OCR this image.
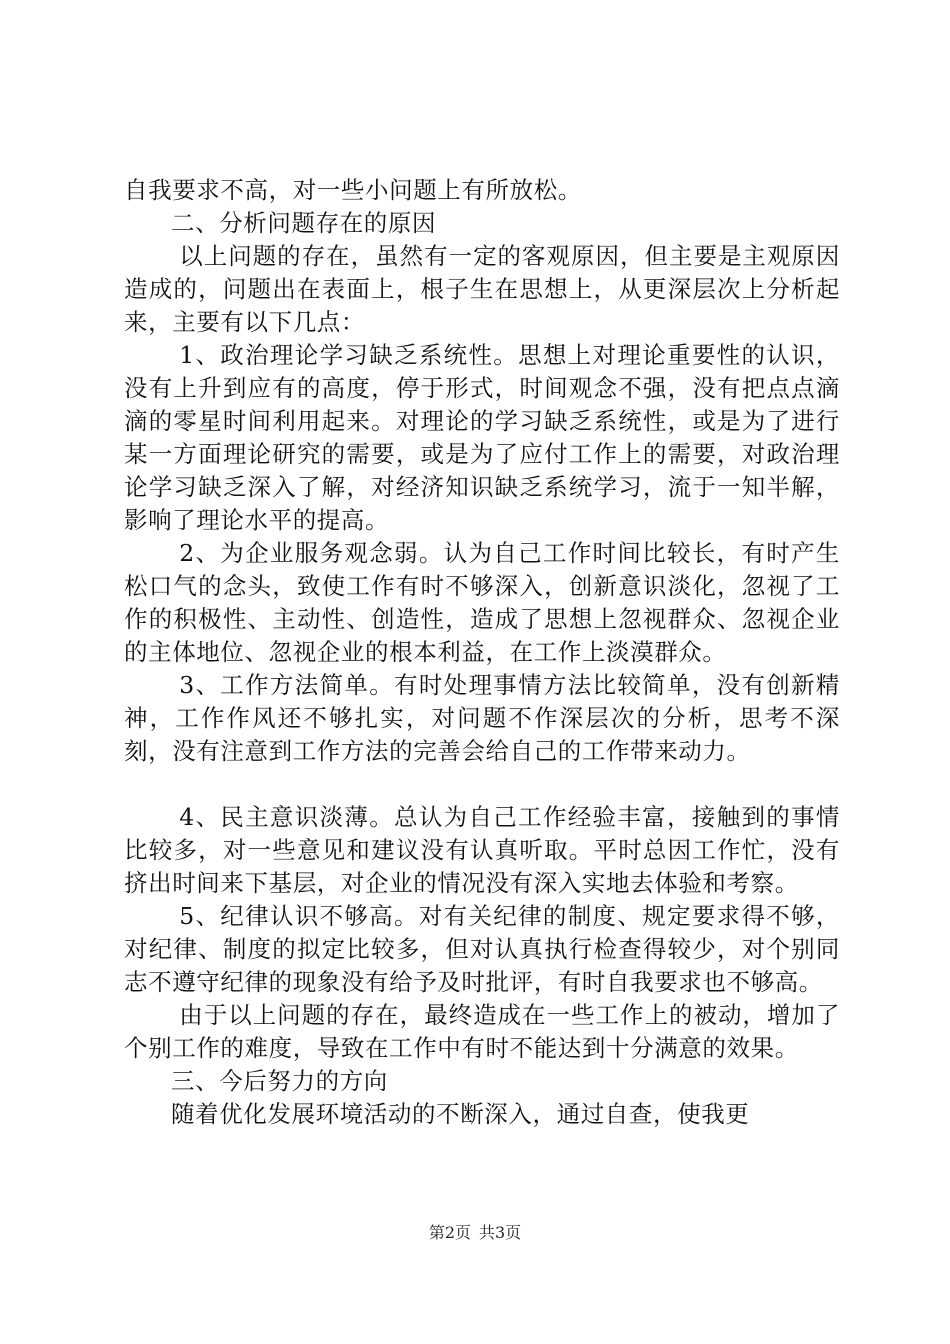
自我要求不高，对一些小问题上有所放松。

二、分析问题存在的原因

以上问题的存在，虽然有一定的客观原因，但主要是主观原因造成的，问题出在表面上，根子生在思想上，从更深层次上分析起来，主要有以下几点：

1、政治理论学习缺乏系统性。思想上对理论重要性的认识，没有上升到应有的高度，停于形式，时间观念不强，没有把点点滴滴的零星时间利用起来。对理论的学习缺乏系统性，或是为了进行某一方面理论研究的需要，或是为了应付工作上的需要，对政治理论学习缺乏深入了解，对经济知识缺乏系统学习，流于一知半解，影响了理论水平的提高。

2、为企业服务观念弱。认为自己工作时间比较长，有时产生松口气的念头，致使工作有时不够深入，创新意识淡化，忽视了工作的积极性、主动性、创造性，造成了思想上忽视群众、忽视企业的主体地位、忽视企业的根本利益，在工作上淡漠群众。

3、工作方法简单。有时处理事情方法比较简单，没有创新精神，工作作风还不够扎实，对问题不作深层次的分析，思考不深刻，没有注意到工作方法的完善会给自己的工作带来动力。

4、民主意识淡薄。总认为自己工作经验丰富，接触到的事情比较多，对一些意见和建议没有认真听取。平时总因工作忙，没有挤出时间来下基层，对企业的情况没有深入实地去体验和考察。

5、纪律认识不够高。对有关纪律的制度、规定要求得不够，对纪律、制度的拟定比较多，但对认真执行检查得较少，对个别同志不遵守纪律的现象没有给予及时批评，有时自我要求也不够高。

由于以上问题的存在，最终造成在一些工作上的被动，增加了个别工作的难度，导致在工作中有时不能达到十分满意的效果。

三、今后努力的方向

随着优化发展环境活动的不断深入，通过自查，使我更

第2页 共3页
